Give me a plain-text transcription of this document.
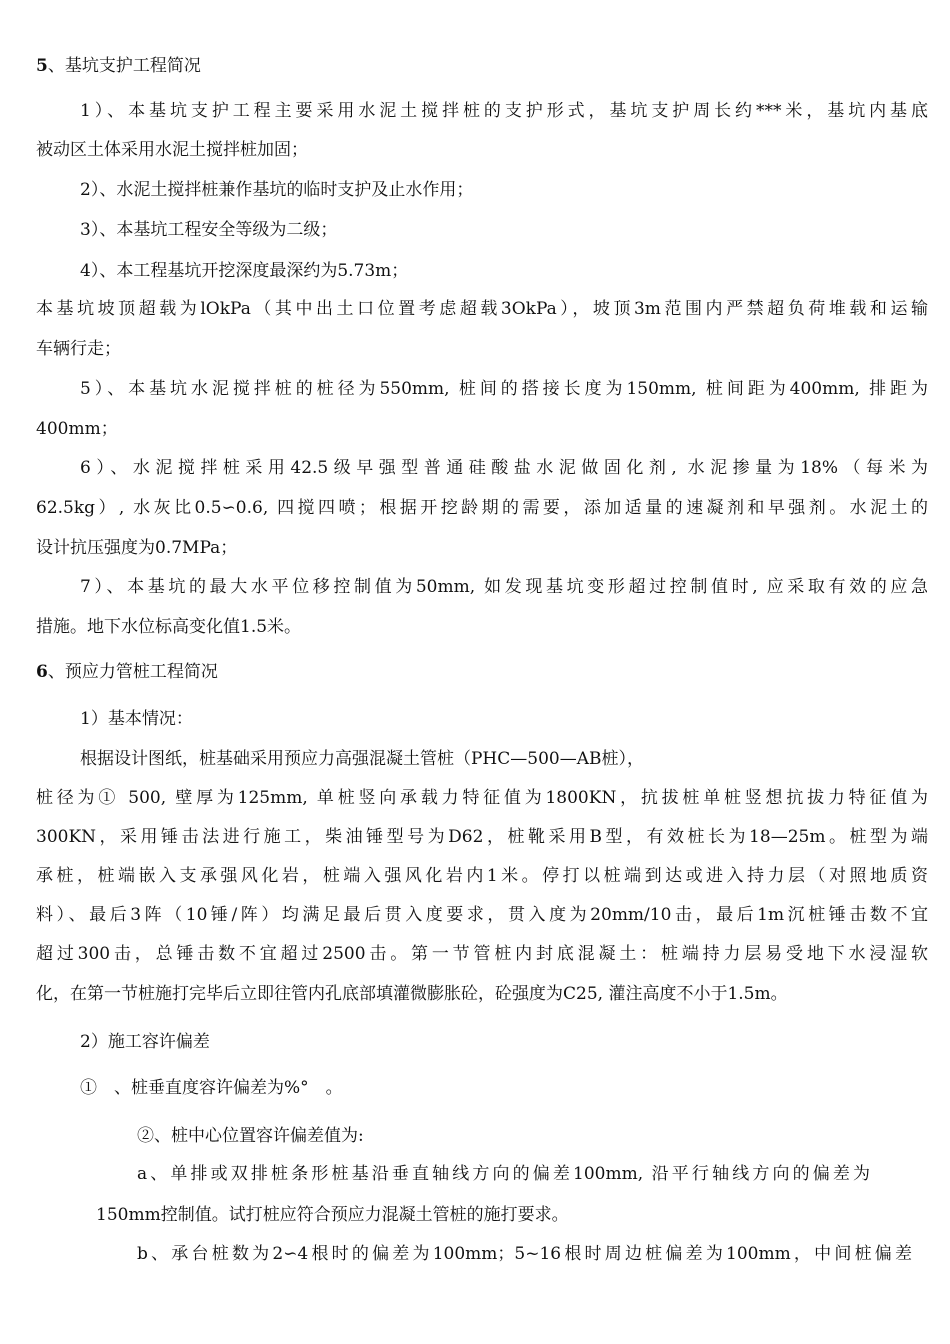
5、基坑支护工程简况
1）、本基坑支护工程主要采用水泥土搅拌桩的支护形式，基坑支护周长约***米，基坑内基底
被动区土体采用水泥土搅拌桩加固；
2）、水泥土搅拌桩兼作基坑的临时支护及止水作用；
3）、本基坑工程安全等级为二级；
4）、本工程基坑开挖深度最深约为5.73m；
本基坑坡顶超载为lOkPa（其中出土口位置考虑超载3OkPa），坡顶3m范围内严禁超负荷堆载和运输
车辆行走；
5）、本基坑水泥搅拌桩的桩径为550mm, 桩间的搭接长度为150mm, 桩间距为400mm, 排距为
400mm；
6）、水泥搅拌桩采用42.5级早强型普通硅酸盐水泥做固化剂, 水泥掺量为18%（每米为
62.5kg）, 水灰比0.5∽0.6, 四搅四喷；根据开挖龄期的需要，添加适量的速凝剂和早强剂。水泥土的
设计抗压强度为0.7MPa；
7）、本基坑的最大水平位移控制值为50mm, 如发现基坑变形超过控制值时, 应采取有效的应急
措施。地下水位标高变化值1.5米。
6、预应力管桩工程简况
1）基本情况：
根据设计图纸，桩基础采用预应力高强混凝土管桩（PHC—500—AB桩），
桩径为① 500, 壁厚为125mm, 单桩竖向承载力特征值为1800KN，抗拔桩单桩竖想抗拔力特征值为
300KN，采用锤击法进行施工，柴油锤型号为D62，桩靴采用B型，有效桩长为18—25m。桩型为端
承桩，桩端嵌入支承强风化岩，桩端入强风化岩内1米。停打以桩端到达或进入持力层（对照地质资
料）、最后3阵（10锤/阵）均满足最后贯入度要求，贯入度为20mm/10击，最后1m沉桩锤击数不宜
超过300击，总锤击数不宜超过2500击。第一节管桩内封底混凝土：桩端持力层易受地下水浸湿软
化，在第一节桩施打完毕后立即往管内孔底部填灌微膨胀砼，砼强度为C25, 灌注高度不小于1.5m。
2）施工容许偏差
①　、桩垂直度容许偏差为%°　。
②、桩中心位置容许偏差值为:
a、单排或双排桩条形桩基沿垂直轴线方向的偏差100mm, 沿平行轴线方向的偏差为
150mm控制值。试打桩应符合预应力混凝土管桩的施打要求。
b、承台桩数为2∽4根时的偏差为100mm；5~16根时周边桩偏差为100mm，中间桩偏差
